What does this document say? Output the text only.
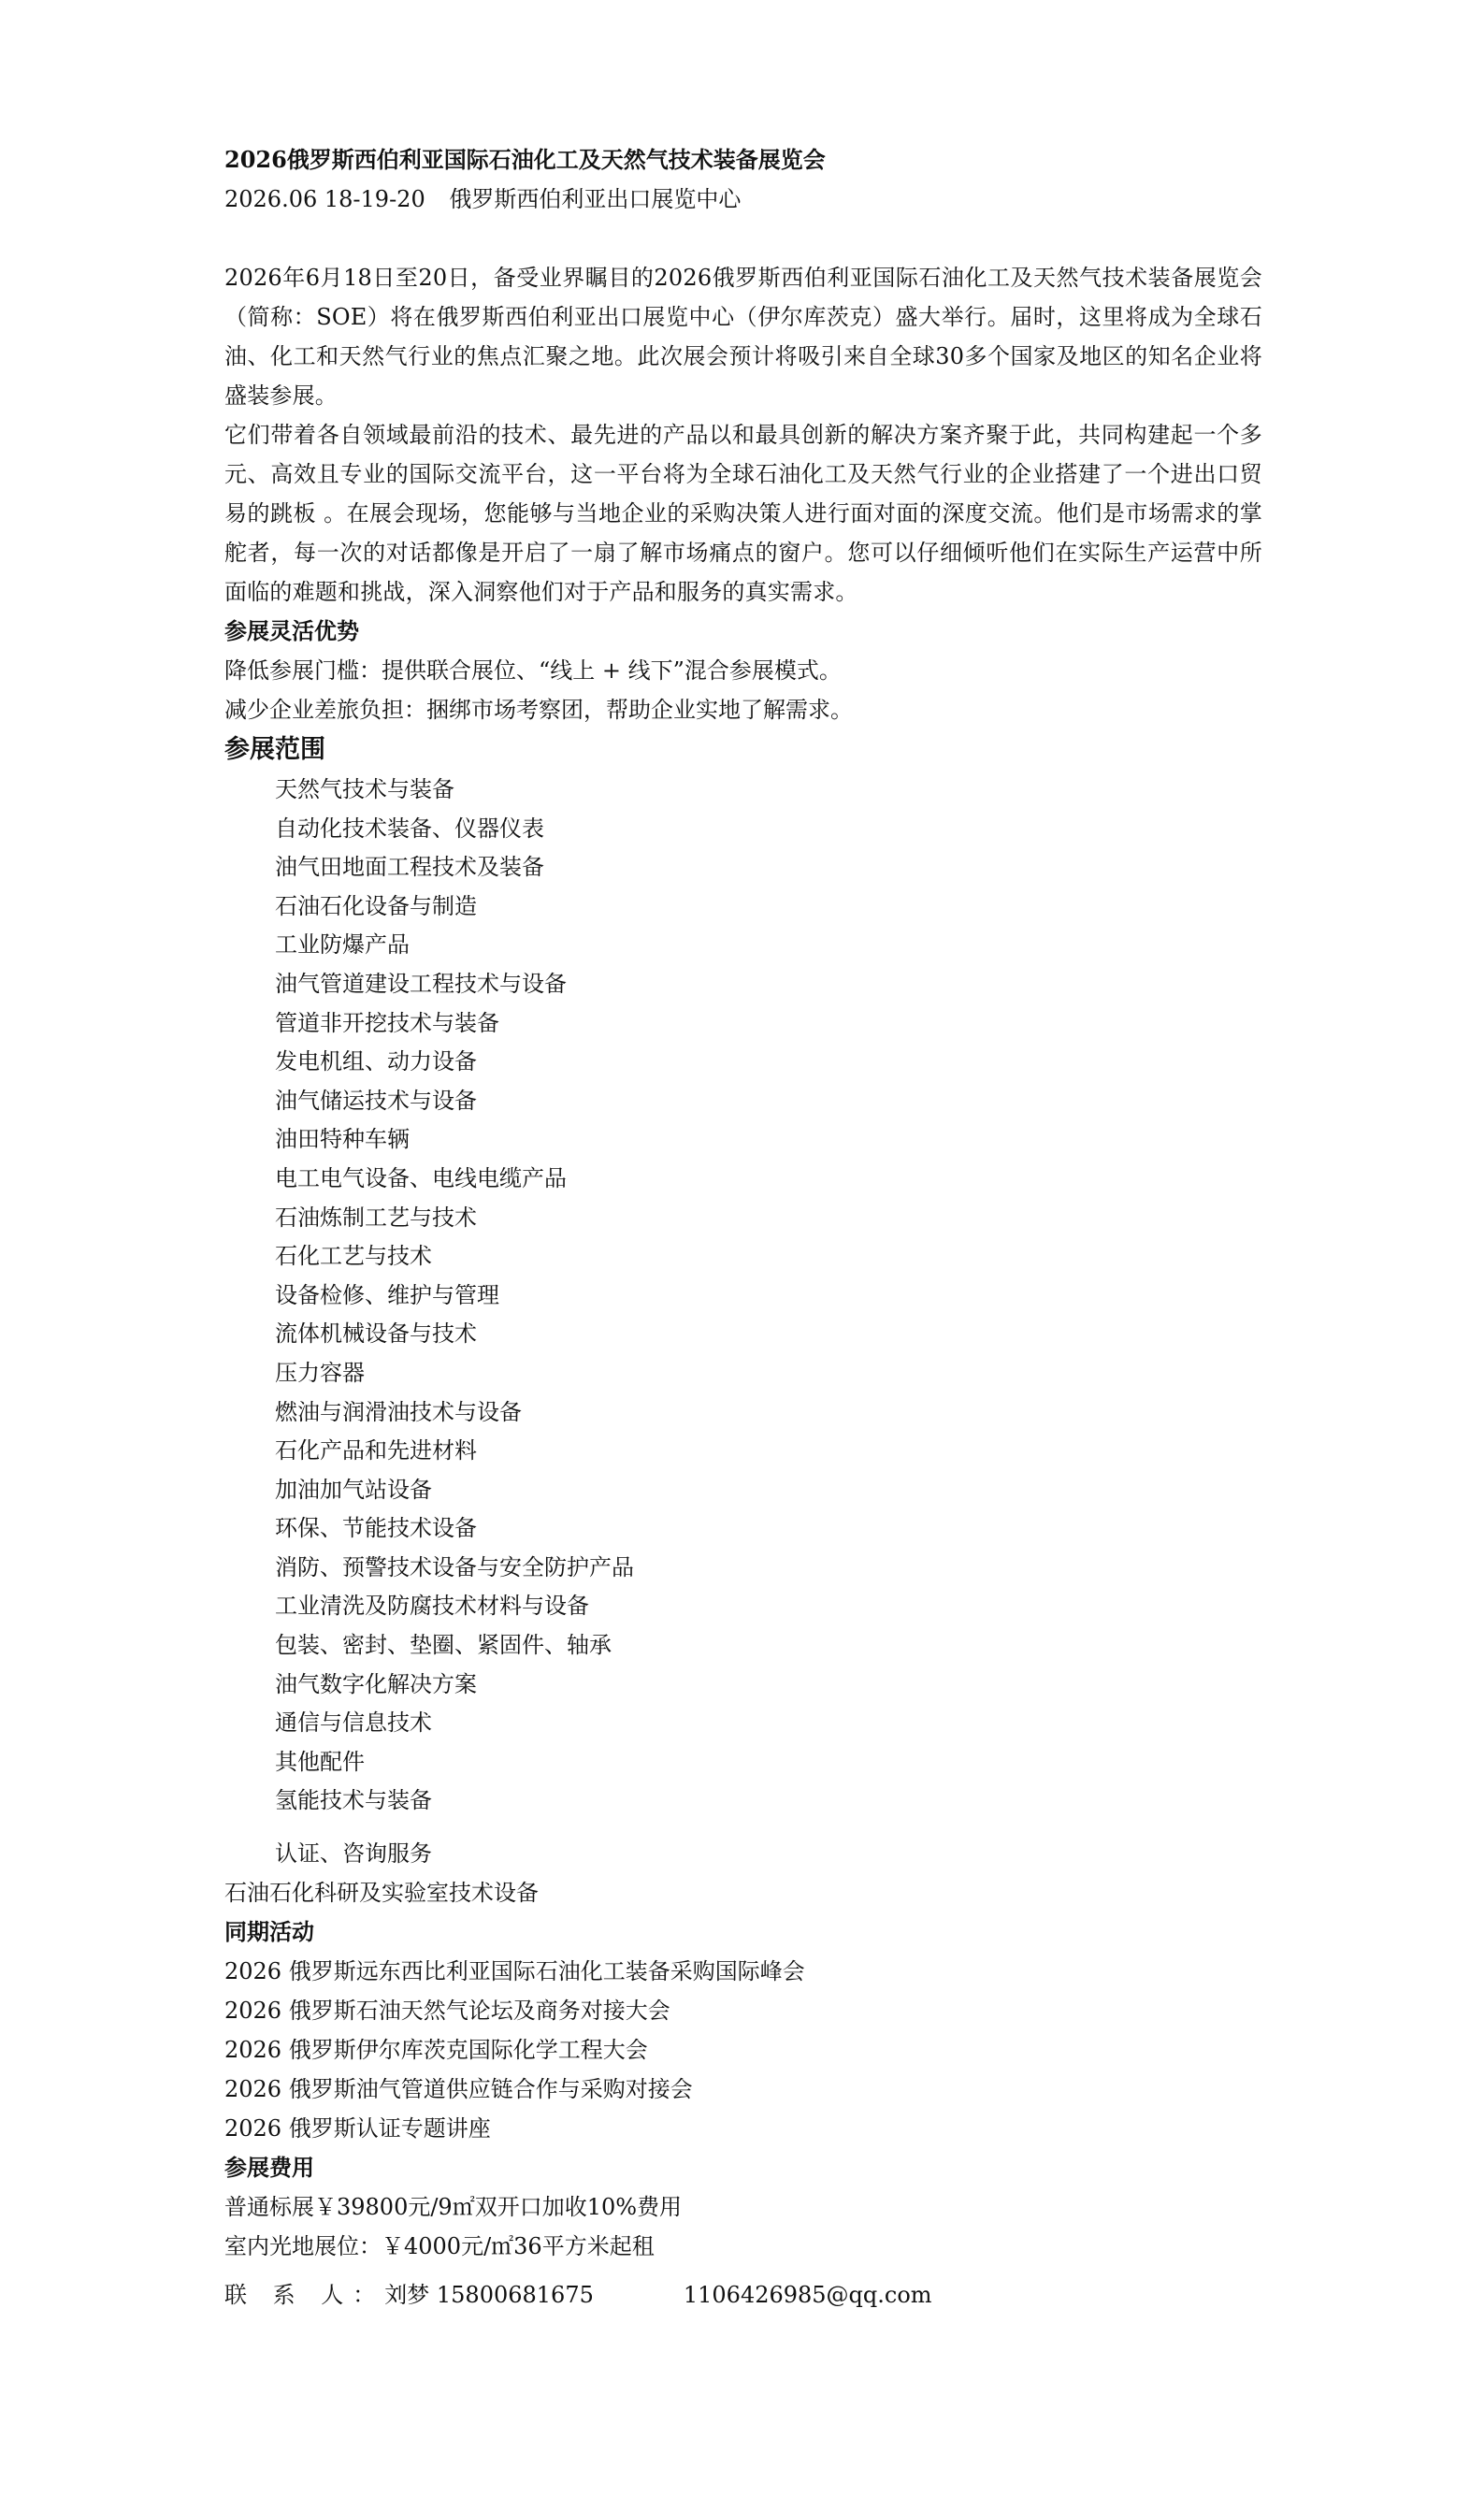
2026俄罗斯西伯利亚国际石油化工及天然气技术装备展览会
2026.06 18-19-20 俄罗斯西伯利亚出口展览中心

2026年6月18日至20日，备受业界瞩目的2026俄罗斯西伯利亚国际石油化工及天然气技术装备展览会（简称：SOE）将在俄罗斯西伯利亚出口展览中心（伊尔库茨克）盛大举行。届时，这里将成为全球石油、化工和天然气行业的焦点汇聚之地。此次展会预计将吸引来自全球30多个国家及地区的知名企业将盛装参展。

它们带着各自领域最前沿的技术、最先进的产品以和最具创新的解决方案齐聚于此，共同构建起一个多元、高效且专业的国际交流平台，这一平台将为全球石油化工及天然气行业的企业搭建了一个进出口贸易的跳板 。在展会现场，您能够与当地企业的采购决策人进行面对面的深度交流。他们是市场需求的掌舵者，每一次的对话都像是开启了一扇了解市场痛点的窗户。您可以仔细倾听他们在实际生产运营中所面临的难题和挑战，深入洞察他们对于产品和服务的真实需求。

参展灵活优势
降低参展门槛：提供联合展位、“线上 + 线下”混合参展模式。
减少企业差旅负担：捆绑市场考察团，帮助企业实地了解需求。
参展范围
天然气技术与装备
自动化技术装备、仪器仪表
油气田地面工程技术及装备
石油石化设备与制造
工业防爆产品
油气管道建设工程技术与设备
管道非开挖技术与装备
发电机组、动力设备
油气储运技术与设备
油田特种车辆
电工电气设备、电线电缆产品
石油炼制工艺与技术
石化工艺与技术
设备检修、维护与管理
流体机械设备与技术
压力容器
燃油与润滑油技术与设备
石化产品和先进材料
加油加气站设备
环保、节能技术设备
消防、预警技术设备与安全防护产品
工业清洗及防腐技术材料与设备
包装、密封、垫圈、紧固件、轴承
油气数字化解决方案
通信与信息技术
其他配件
氢能技术与装备
认证、咨询服务
石油石化科研及实验室技术设备
同期活动
2026 俄罗斯远东西比利亚国际石油化工装备采购国际峰会
2026 俄罗斯石油天然气论坛及商务对接大会
2026 俄罗斯伊尔库茨克国际化学工程大会
2026 俄罗斯油气管道供应链合作与采购对接会
2026 俄罗斯认证专题讲座
参展费用
普通标展￥39800元/9㎡双开口加收10%费用
室内光地展位：￥4000元/㎡36平方米起租
联 系 人：刘梦 15800681675	1106426985@qq.com
